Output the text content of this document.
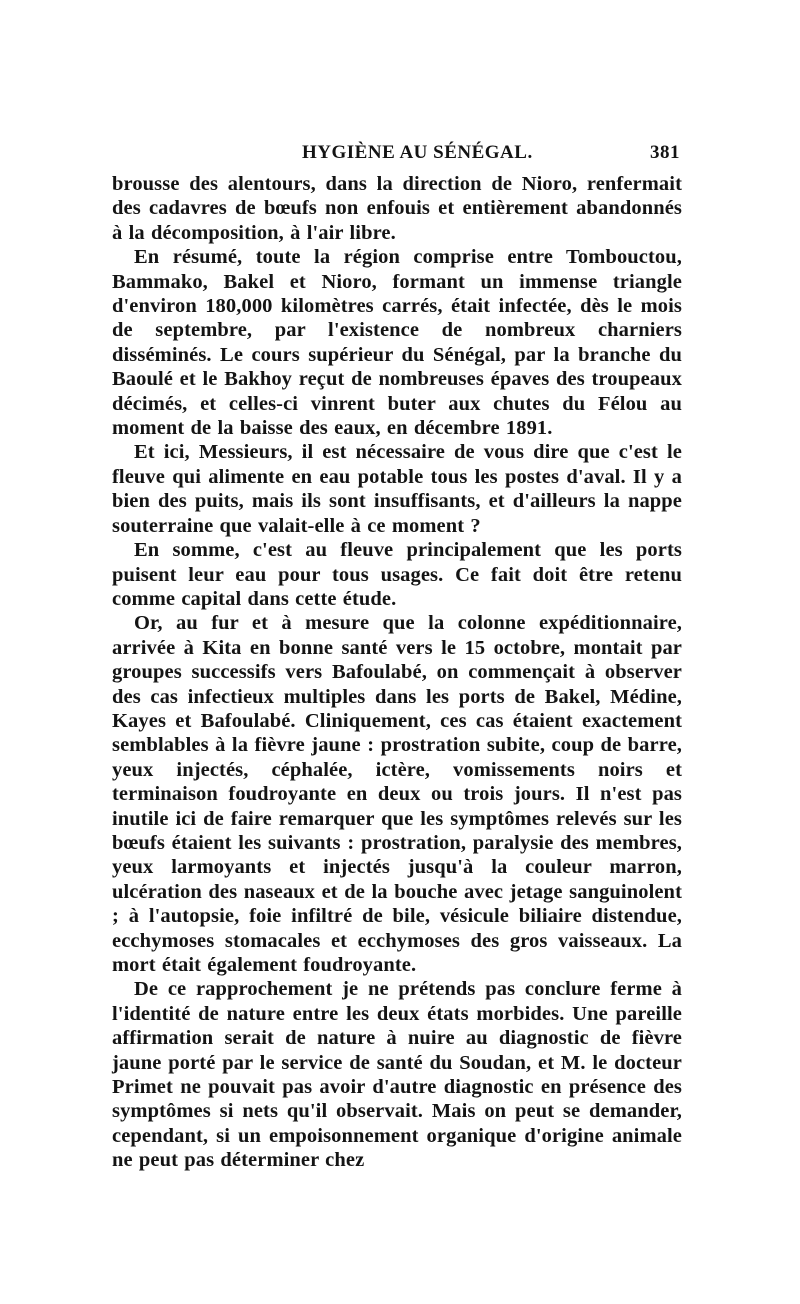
HYGIÈNE AU SÉNÉGAL.	381

brousse des alentours, dans la direction de Nioro, renfermait des cadavres de bœufs non enfouis et entièrement abandonnés à la décomposition, à l'air libre.

En résumé, toute la région comprise entre Tombouctou, Bammako, Bakel et Nioro, formant un immense triangle d'environ 180,000 kilomètres carrés, était infectée, dès le mois de septembre, par l'existence de nombreux charniers disséminés. Le cours supérieur du Sénégal, par la branche du Baoulé et le Bakhoy reçut de nombreuses épaves des troupeaux décimés, et celles-ci vinrent buter aux chutes du Félou au moment de la baisse des eaux, en décembre 1891.

Et ici, Messieurs, il est nécessaire de vous dire que c'est le fleuve qui alimente en eau potable tous les postes d'aval. Il y a bien des puits, mais ils sont insuffisants, et d'ailleurs la nappe souterraine que valait-elle à ce moment ?

En somme, c'est au fleuve principalement que les ports puisent leur eau pour tous usages. Ce fait doit être retenu comme capital dans cette étude.

Or, au fur et à mesure que la colonne expéditionnaire, arrivée à Kita en bonne santé vers le 15 octobre, montait par groupes successifs vers Bafoulabé, on commençait à observer des cas infectieux multiples dans les ports de Bakel, Médine, Kayes et Bafoulabé. Cliniquement, ces cas étaient exactement semblables à la fièvre jaune : prostration subite, coup de barre, yeux injectés, céphalée, ictère, vomissements noirs et terminaison foudroyante en deux ou trois jours. Il n'est pas inutile ici de faire remarquer que les symptômes relevés sur les bœufs étaient les suivants : prostration, paralysie des membres, yeux larmoyants et injectés jusqu'à la couleur marron, ulcération des naseaux et de la bouche avec jetage sanguinolent ; à l'autopsie, foie infiltré de bile, vésicule biliaire distendue, ecchymoses stomacales et ecchymoses des gros vaisseaux. La mort était également foudroyante.

De ce rapprochement je ne prétends pas conclure ferme à l'identité de nature entre les deux états morbides. Une pareille affirmation serait de nature à nuire au diagnostic de fièvre jaune porté par le service de santé du Soudan, et M. le docteur Primet ne pouvait pas avoir d'autre diagnostic en présence des symptômes si nets qu'il observait. Mais on peut se demander, cependant, si un empoisonnement organique d'origine animale ne peut pas déterminer chez
